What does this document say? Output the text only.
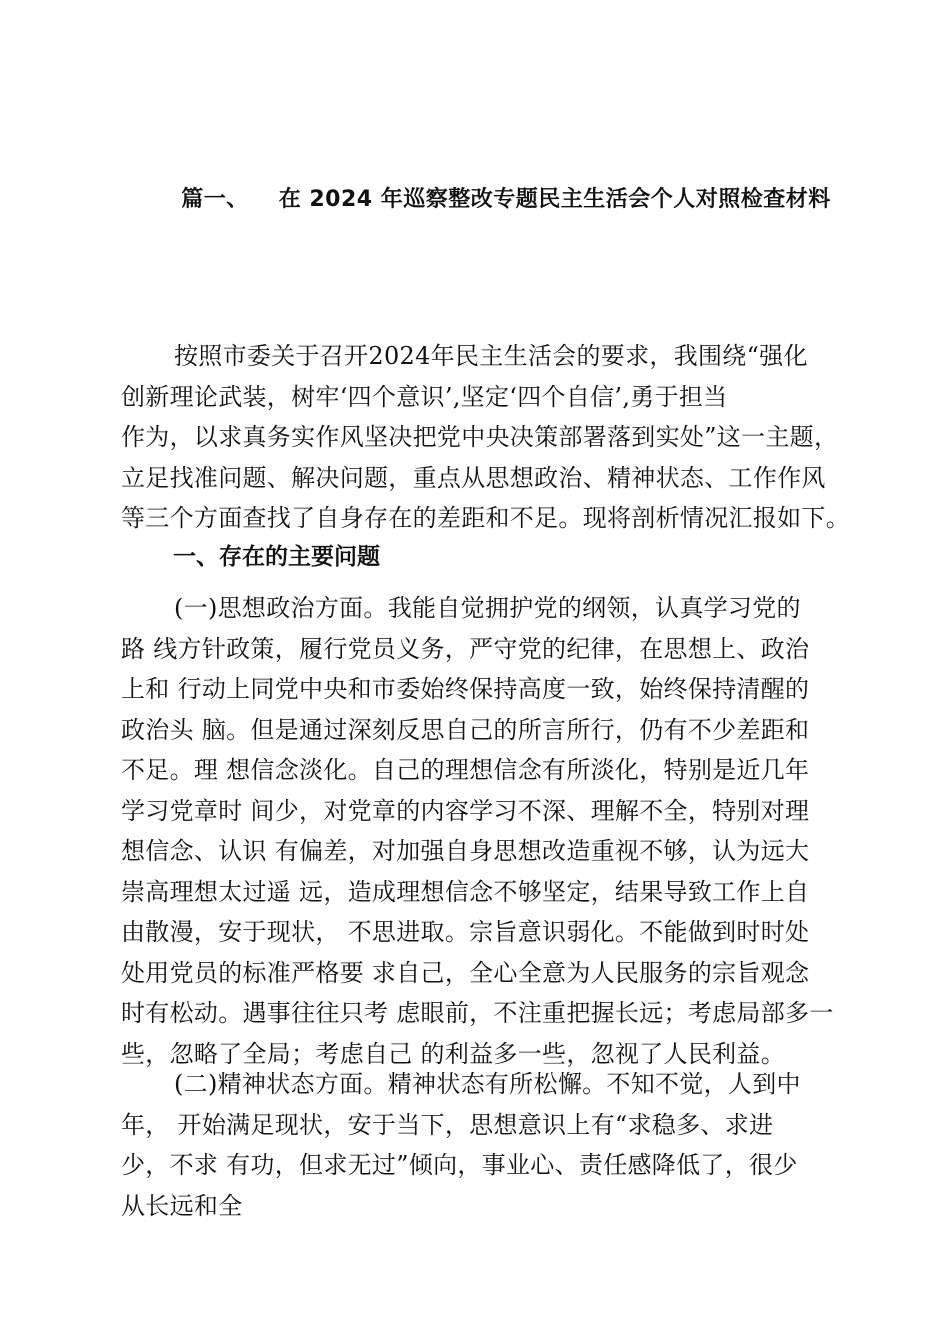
篇一、 在 2024 年巡察整改专题民主生活会个人对照检查材料
按照市委关于召开2024年民主生活会的要求，我围绕“强化
创新理论武装，树牢‘四个意识’,坚定‘四个自信’,勇于担当
作为，以求真务实作风坚决把党中央决策部署落到实处”这一主题，
立足找准问题、解决问题，重点从思想政治、精神状态、工作作风
等三个方面查找了自身存在的差距和不足。现将剖析情况汇报如下。
一、存在的主要问题
(一)思想政治方面。我能自觉拥护党的纲领，认真学习党的
路 线方针政策，履行党员义务，严守党的纪律，在思想上、政治
上和 行动上同党中央和市委始终保持高度一致，始终保持清醒的
政治头 脑。但是通过深刻反思自己的所言所行，仍有不少差距和
不足。理 想信念淡化。自己的理想信念有所淡化，特别是近几年
学习党章时 间少，对党章的内容学习不深、理解不全，特别对理
想信念、认识 有偏差，对加强自身思想改造重视不够，认为远大
崇高理想太过遥 远，造成理想信念不够坚定，结果导致工作上自
由散漫，安于现状， 不思进取。宗旨意识弱化。不能做到时时处
处用党员的标准严格要 求自己，全心全意为人民服务的宗旨观念
时有松动。遇事往往只考 虑眼前，不注重把握长远；考虑局部多一
些，忽略了全局；考虑自己 的利益多一些，忽视了人民利益。
(二)精神状态方面。精神状态有所松懈。不知不觉，人到中
年， 开始满足现状，安于当下，思想意识上有“求稳多、求进
少，不求 有功，但求无过”倾向，事业心、责任感降低了，很少
从长远和全
